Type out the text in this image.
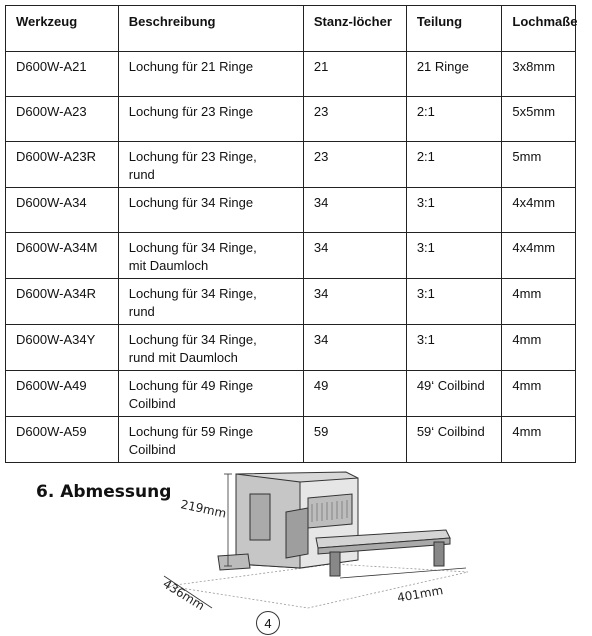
Werkzeug	Beschreibung	Stanz-löcher	Teilung	Lochmaße
D600W-A21	Lochung für 21 Ringe	21	21 Ringe	3x8mm
D600W-A23	Lochung für 23 Ringe	23	2:1	5x5mm
D600W-A23R	Lochung für 23 Ringe,
rund	23	2:1	5mm
D600W-A34	Lochung für 34 Ringe	34	3:1	4x4mm
D600W-A34M	Lochung für 34 Ringe,
mit Daumloch	34	3:1	4x4mm
D600W-A34R	Lochung für 34 Ringe,
rund	34	3:1	4mm
D600W-A34Y	Lochung für 34 Ringe,
rund mit Daumloch	34	3:1	4mm
D600W-A49	Lochung für 49 Ringe
Coilbind	49	49‘ Coilbind	4mm
D600W-A59	Lochung für 59 Ringe
Coilbind	59	59‘ Coilbind	4mm
6. Abmessung
219mm
436mm	401mm
4
